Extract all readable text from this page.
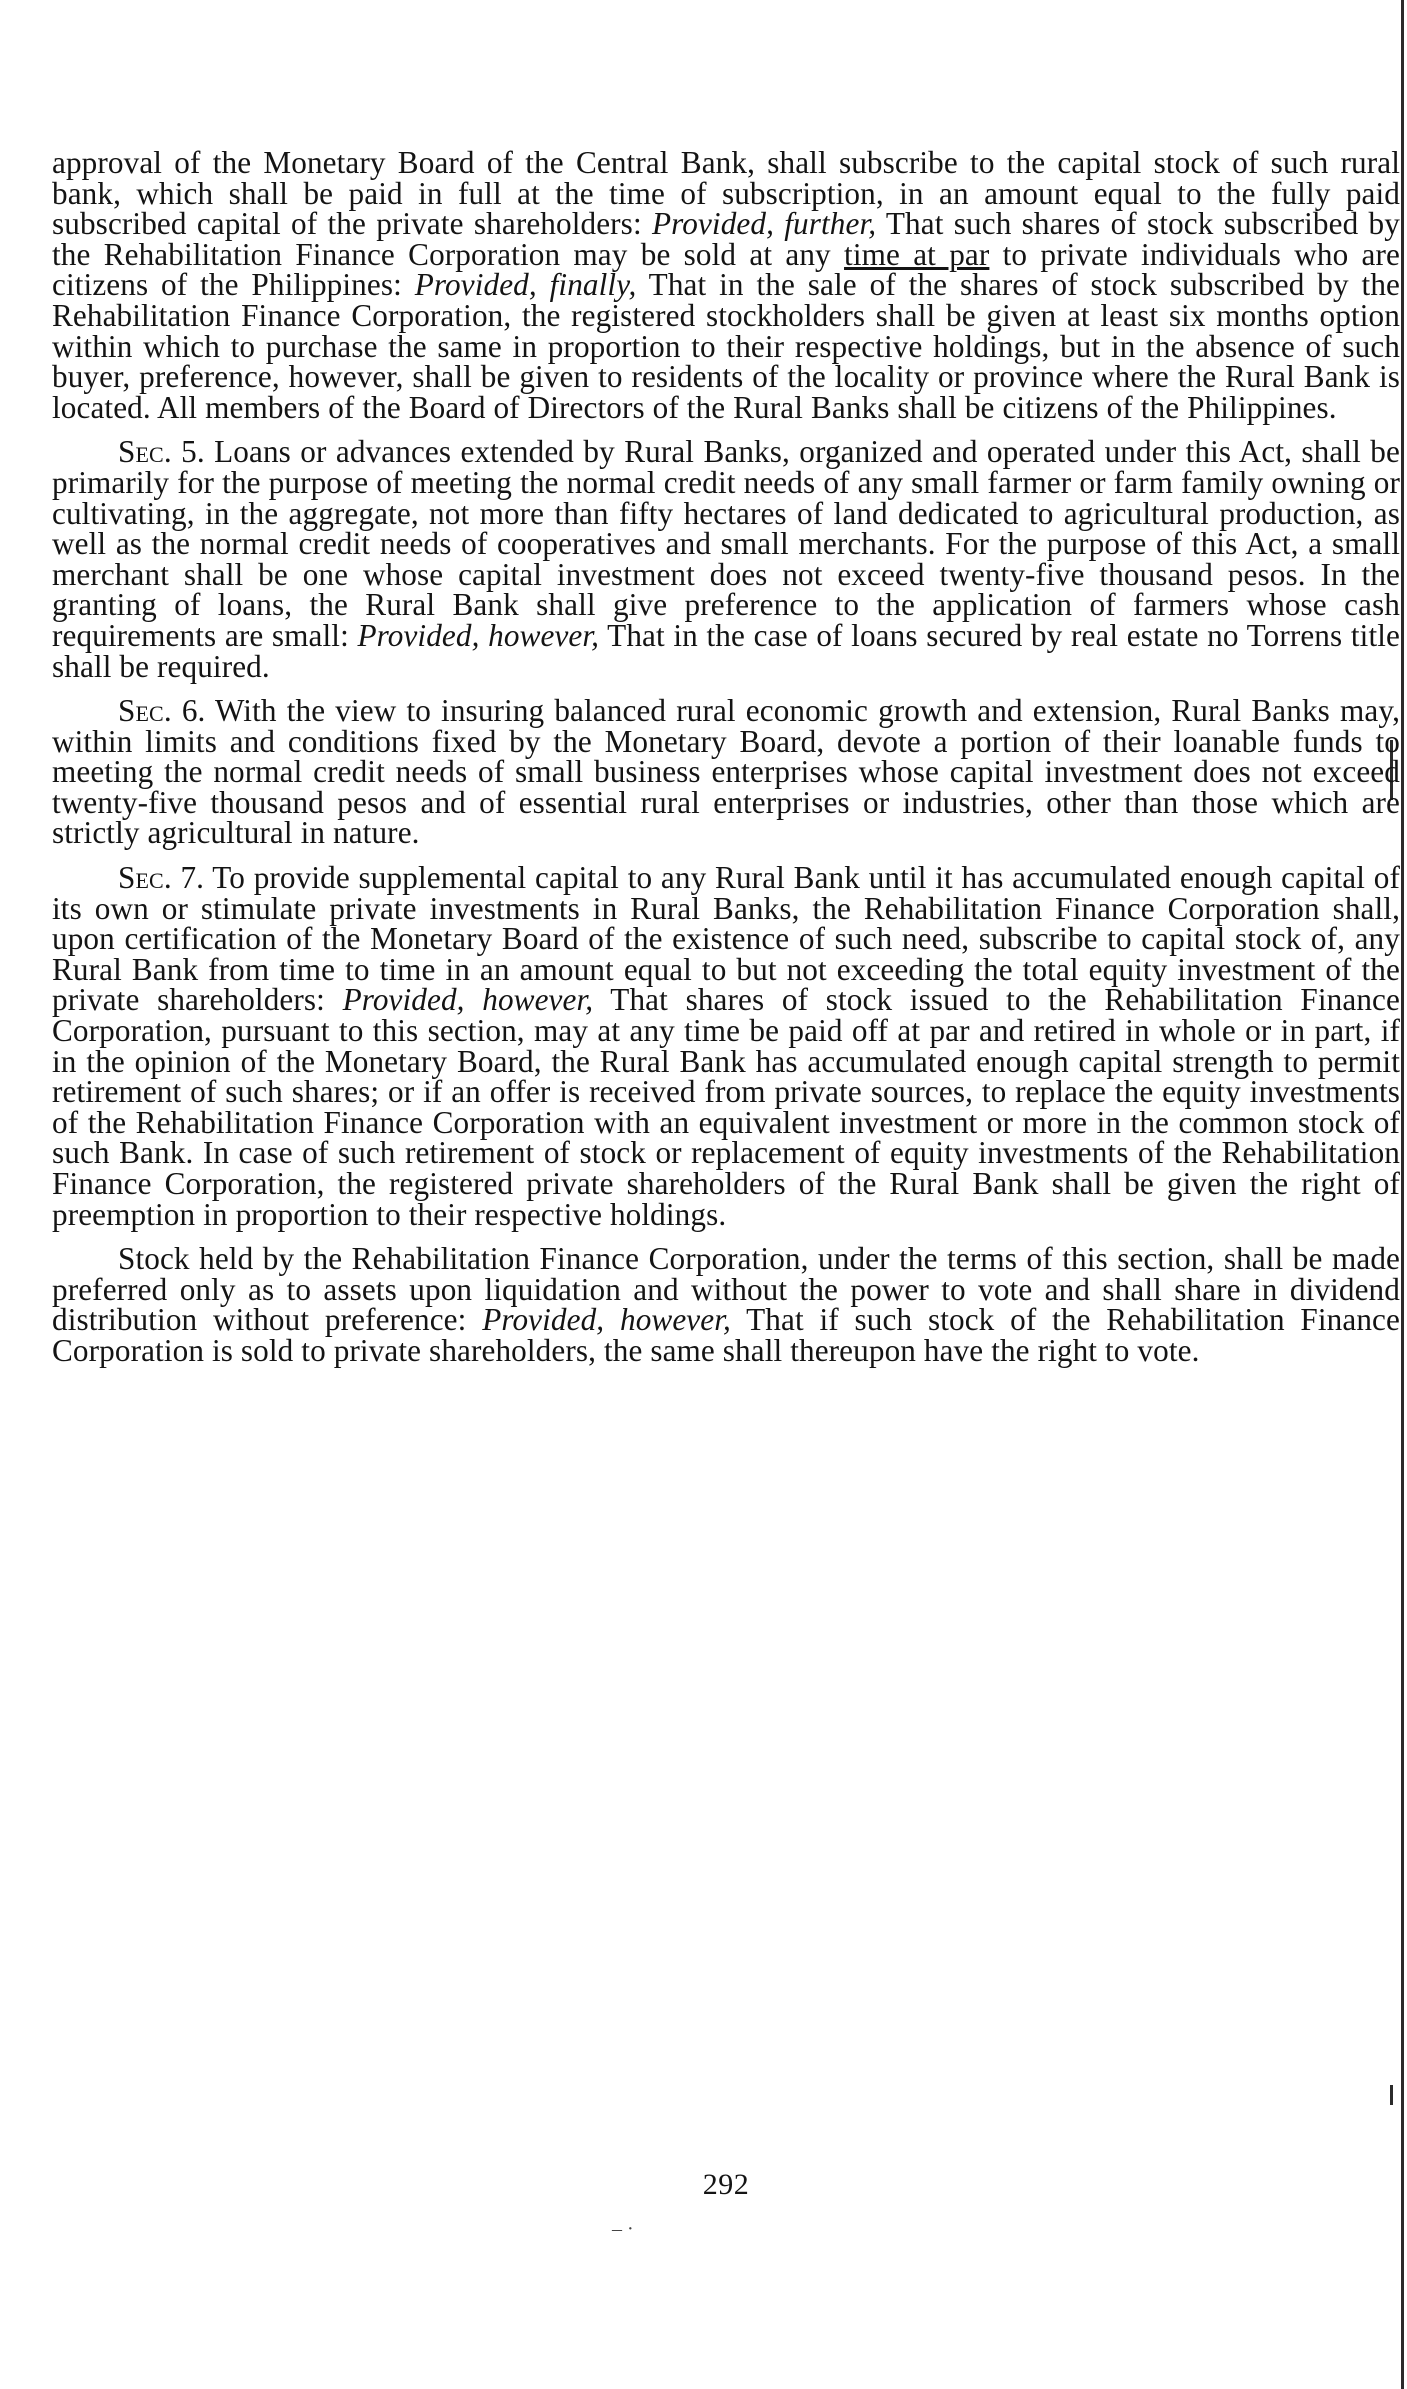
approval of the Monetary Board of the Central Bank, shall subscribe to the capital stock of such rural bank, which shall be paid in full at the time of subscription, in an amount equal to the fully paid subscribed capital of the private shareholders: Provided, further, That such shares of stock subscribed by the Rehabilitation Finance Corporation may be sold at any time at par to private individuals who are citizens of the Philippines: Provided, finally, That in the sale of the shares of stock subscribed by the Rehabilitation Finance Corporation, the registered stockholders shall be given at least six months option within which to purchase the same in proportion to their respective holdings, but in the absence of such buyer, preference, however, shall be given to residents of the locality or province where the Rural Bank is located. All members of the Board of Directors of the Rural Banks shall be citizens of the Philippines.

Sec. 5. Loans or advances extended by Rural Banks, organized and operated under this Act, shall be primarily for the purpose of meeting the normal credit needs of any small farmer or farm family owning or cultivating, in the aggregate, not more than fifty hectares of land dedicated to agricultural production, as well as the normal credit needs of cooperatives and small merchants. For the purpose of this Act, a small merchant shall be one whose capital investment does not exceed twenty-five thousand pesos. In the granting of loans, the Rural Bank shall give preference to the application of farmers whose cash requirements are small: Provided, however, That in the case of loans secured by real estate no Torrens title shall be required.

Sec. 6. With the view to insuring balanced rural economic growth and extension, Rural Banks may, within limits and conditions fixed by the Monetary Board, devote a portion of their loanable funds to meeting the normal credit needs of small business enterprises whose capital investment does not exceed twenty-five thousand pesos and of essential rural enterprises or industries, other than those which are strictly agricultural in nature.

Sec. 7. To provide supplemental capital to any Rural Bank until it has accumulated enough capital of its own or stimulate private investments in Rural Banks, the Rehabilitation Finance Corporation shall, upon certification of the Monetary Board of the existence of such need, subscribe to capital stock of, any Rural Bank from time to time in an amount equal to but not exceeding the total equity investment of the private shareholders: Provided, however, That shares of stock issued to the Rehabilitation Finance Corporation, pursuant to this section, may at any time be paid off at par and retired in whole or in part, if in the opinion of the Monetary Board, the Rural Bank has accumulated enough capital strength to permit retirement of such shares; or if an offer is received from private sources, to replace the equity investments of the Rehabilitation Finance Corporation with an equivalent investment or more in the common stock of such Bank. In case of such retirement of stock or replacement of equity investments of the Rehabilitation Finance Corporation, the registered private shareholders of the Rural Bank shall be given the right of preemption in proportion to their respective holdings.

Stock held by the Rehabilitation Finance Corporation, under the terms of this section, shall be made preferred only as to assets upon liquidation and without the power to vote and shall share in dividend distribution without preference: Provided, however, That if such stock of the Rehabilitation Finance Corporation is sold to private shareholders, the same shall thereupon have the right to vote.

292
– ·
